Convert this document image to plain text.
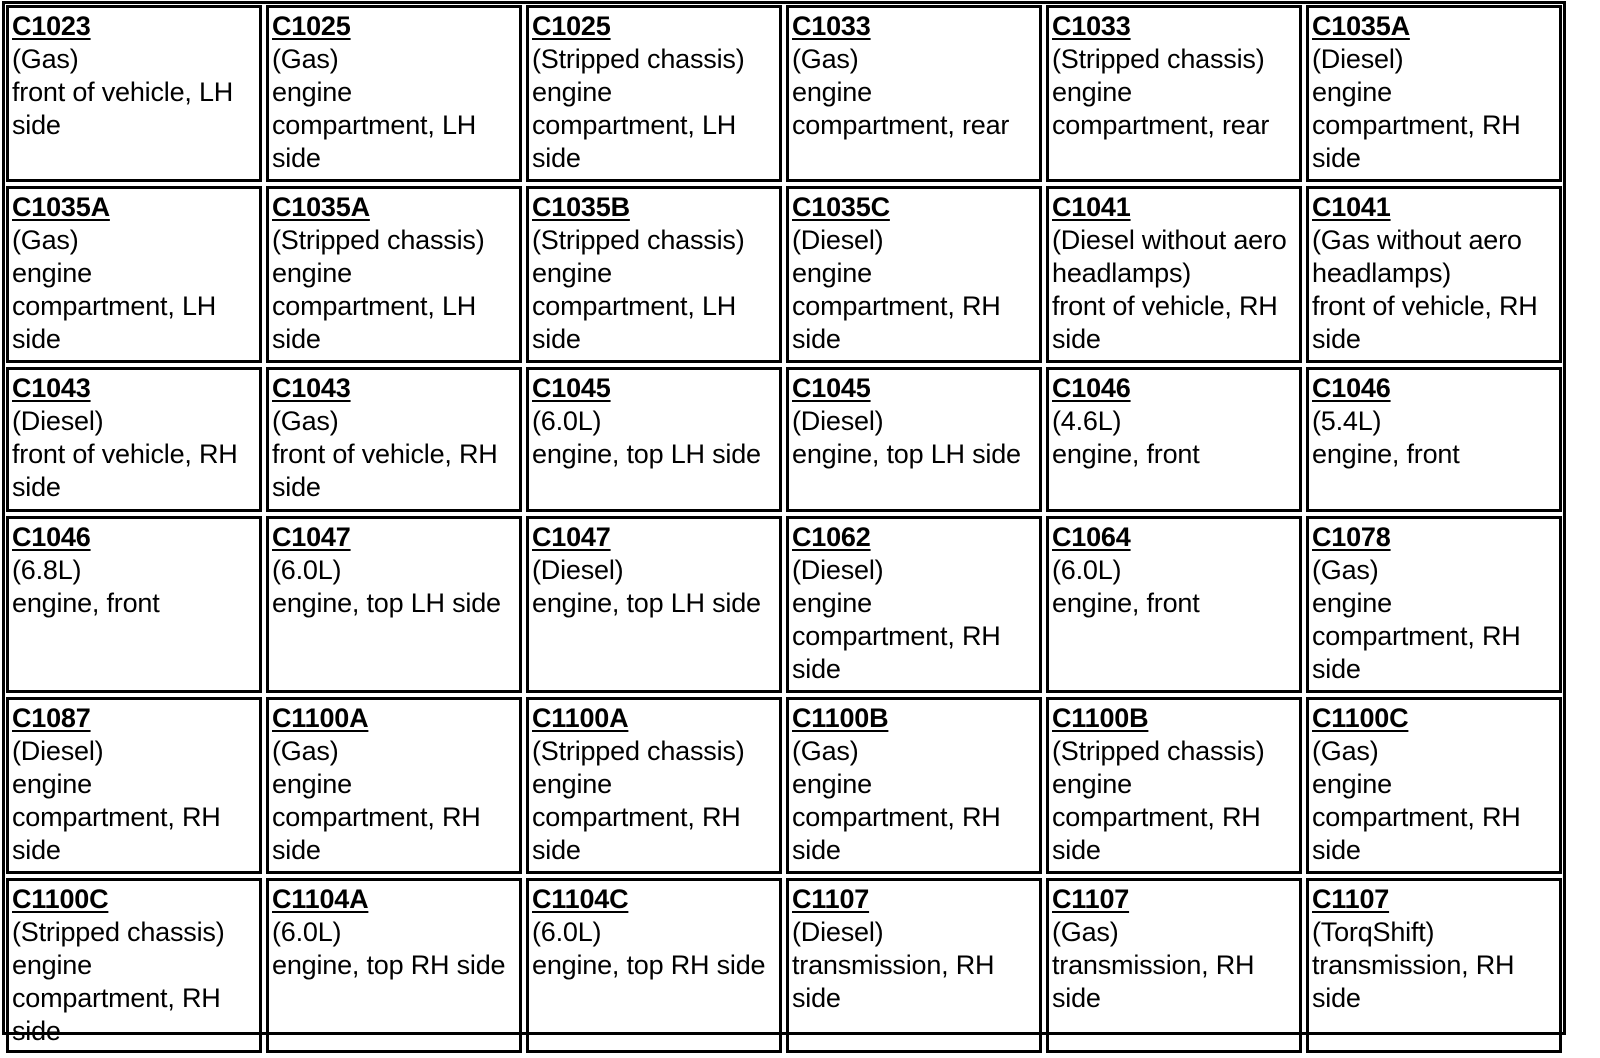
C1023
(Gas)
front of vehicle, LH side
C1025
(Gas)
engine compartment, LH side
C1025
(Stripped chassis)
engine compartment, LH side
C1033
(Gas)
engine compartment, rear
C1033
(Stripped chassis)
engine compartment, rear
C1035A
(Diesel)
engine compartment, RH side
C1035A
(Gas)
engine compartment, LH side
C1035A
(Stripped chassis)
engine compartment, LH side
C1035B
(Stripped chassis)
engine compartment, LH side
C1035C
(Diesel)
engine compartment, RH side
C1041
(Diesel without aero headlamps)
front of vehicle, RH side
C1041
(Gas without aero headlamps)
front of vehicle, RH side
C1043
(Diesel)
front of vehicle, RH side
C1043
(Gas)
front of vehicle, RH side
C1045
(6.0L)
engine, top LH side
C1045
(Diesel)
engine, top LH side
C1046
(4.6L)
engine, front
C1046
(5.4L)
engine, front
C1046
(6.8L)
engine, front
C1047
(6.0L)
engine, top LH side
C1047
(Diesel)
engine, top LH side
C1062
(Diesel)
engine compartment, RH side
C1064
(6.0L)
engine, front
C1078
(Gas)
engine compartment, RH side
C1087
(Diesel)
engine compartment, RH side
C1100A
(Gas)
engine compartment, RH side
C1100A
(Stripped chassis)
engine compartment, RH side
C1100B
(Gas)
engine compartment, RH side
C1100B
(Stripped chassis)
engine compartment, RH side
C1100C
(Gas)
engine compartment, RH side
C1100C
(Stripped chassis)
engine compartment, RH side
C1104A
(6.0L)
engine, top RH side
C1104C
(6.0L)
engine, top RH side
C1107
(Diesel)
transmission, RH side
C1107
(Gas)
transmission, RH side
C1107
(TorqShift)
transmission, RH side
